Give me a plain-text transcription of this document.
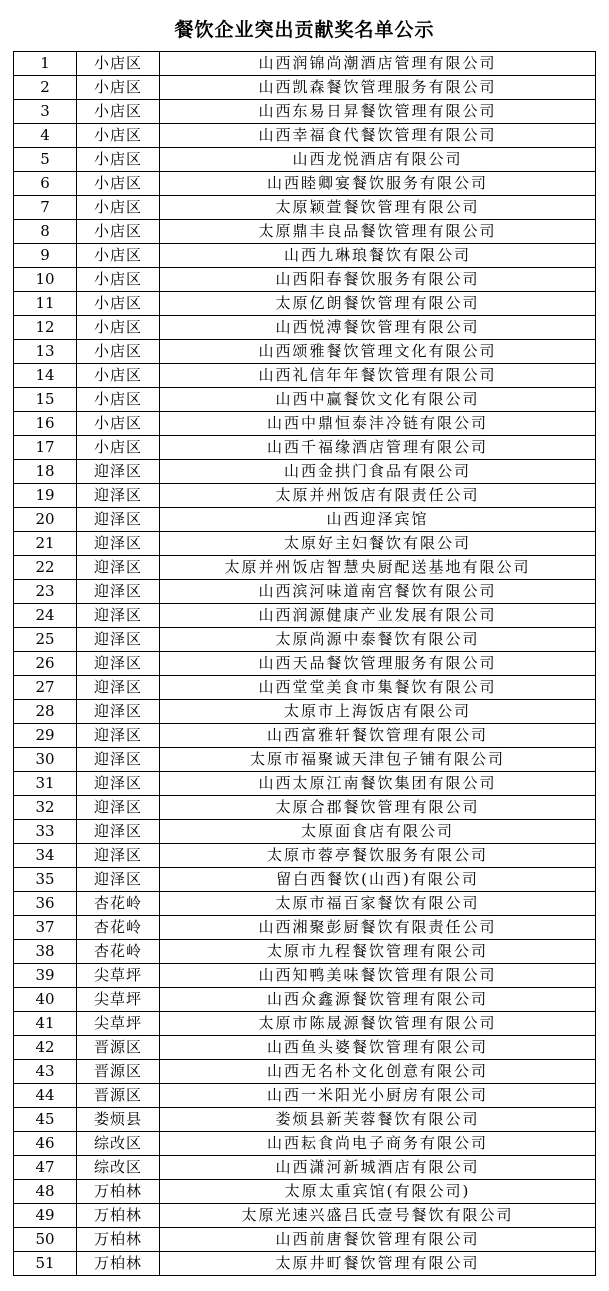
餐饮企业突出贡献奖名单公示
1	小店区	山西润锦尚潮酒店管理有限公司
2	小店区	山西凯森餐饮管理服务有限公司
3	小店区	山西东易日昇餐饮管理有限公司
4	小店区	山西幸福食代餐饮管理有限公司
5	小店区	山西龙悦酒店有限公司
6	小店区	山西睦卿宴餐饮服务有限公司
7	小店区	太原颖萱餐饮管理有限公司
8	小店区	太原鼎丰良品餐饮管理有限公司
9	小店区	山西九琳琅餐饮有限公司
10	小店区	山西阳春餐饮服务有限公司
11	小店区	太原亿朗餐饮管理有限公司
12	小店区	山西悦溥餐饮管理有限公司
13	小店区	山西颂雅餐饮管理文化有限公司
14	小店区	山西礼信年年餐饮管理有限公司
15	小店区	山西中赢餐饮文化有限公司
16	小店区	山西中鼎恒泰沣冷链有限公司
17	小店区	山西千福缘酒店管理有限公司
18	迎泽区	山西金拱门食品有限公司
19	迎泽区	太原并州饭店有限责任公司
20	迎泽区	山西迎泽宾馆
21	迎泽区	太原好主妇餐饮有限公司
22	迎泽区	太原并州饭店智慧央厨配送基地有限公司
23	迎泽区	山西滨河味道南宫餐饮有限公司
24	迎泽区	山西润源健康产业发展有限公司
25	迎泽区	太原尚源中泰餐饮有限公司
26	迎泽区	山西天品餐饮管理服务有限公司
27	迎泽区	山西堂堂美食市集餐饮有限公司
28	迎泽区	太原市上海饭店有限公司
29	迎泽区	山西富雅轩餐饮管理有限公司
30	迎泽区	太原市福聚诚天津包子铺有限公司
31	迎泽区	山西太原江南餐饮集团有限公司
32	迎泽区	太原合郡餐饮管理有限公司
33	迎泽区	太原面食店有限公司
34	迎泽区	太原市蓉亭餐饮服务有限公司
35	迎泽区	留白西餐饮(山西)有限公司
36	杏花岭	太原市福百家餐饮有限公司
37	杏花岭	山西湘聚彭厨餐饮有限责任公司
38	杏花岭	太原市九程餐饮管理有限公司
39	尖草坪	山西知鸭美味餐饮管理有限公司
40	尖草坪	山西众鑫源餐饮管理有限公司
41	尖草坪	太原市陈晟源餐饮管理有限公司
42	晋源区	山西鱼头婆餐饮管理有限公司
43	晋源区	山西无名朴文化创意有限公司
44	晋源区	山西一米阳光小厨房有限公司
45	娄烦县	娄烦县新芙蓉餐饮有限公司
46	综改区	山西耘食尚电子商务有限公司
47	综改区	山西潇河新城酒店有限公司
48	万柏林	太原太重宾馆(有限公司)
49	万柏林	太原光速兴盛吕氏壹号餐饮有限公司
50	万柏林	山西前唐餐饮管理有限公司
51	万柏林	太原井町餐饮管理有限公司
